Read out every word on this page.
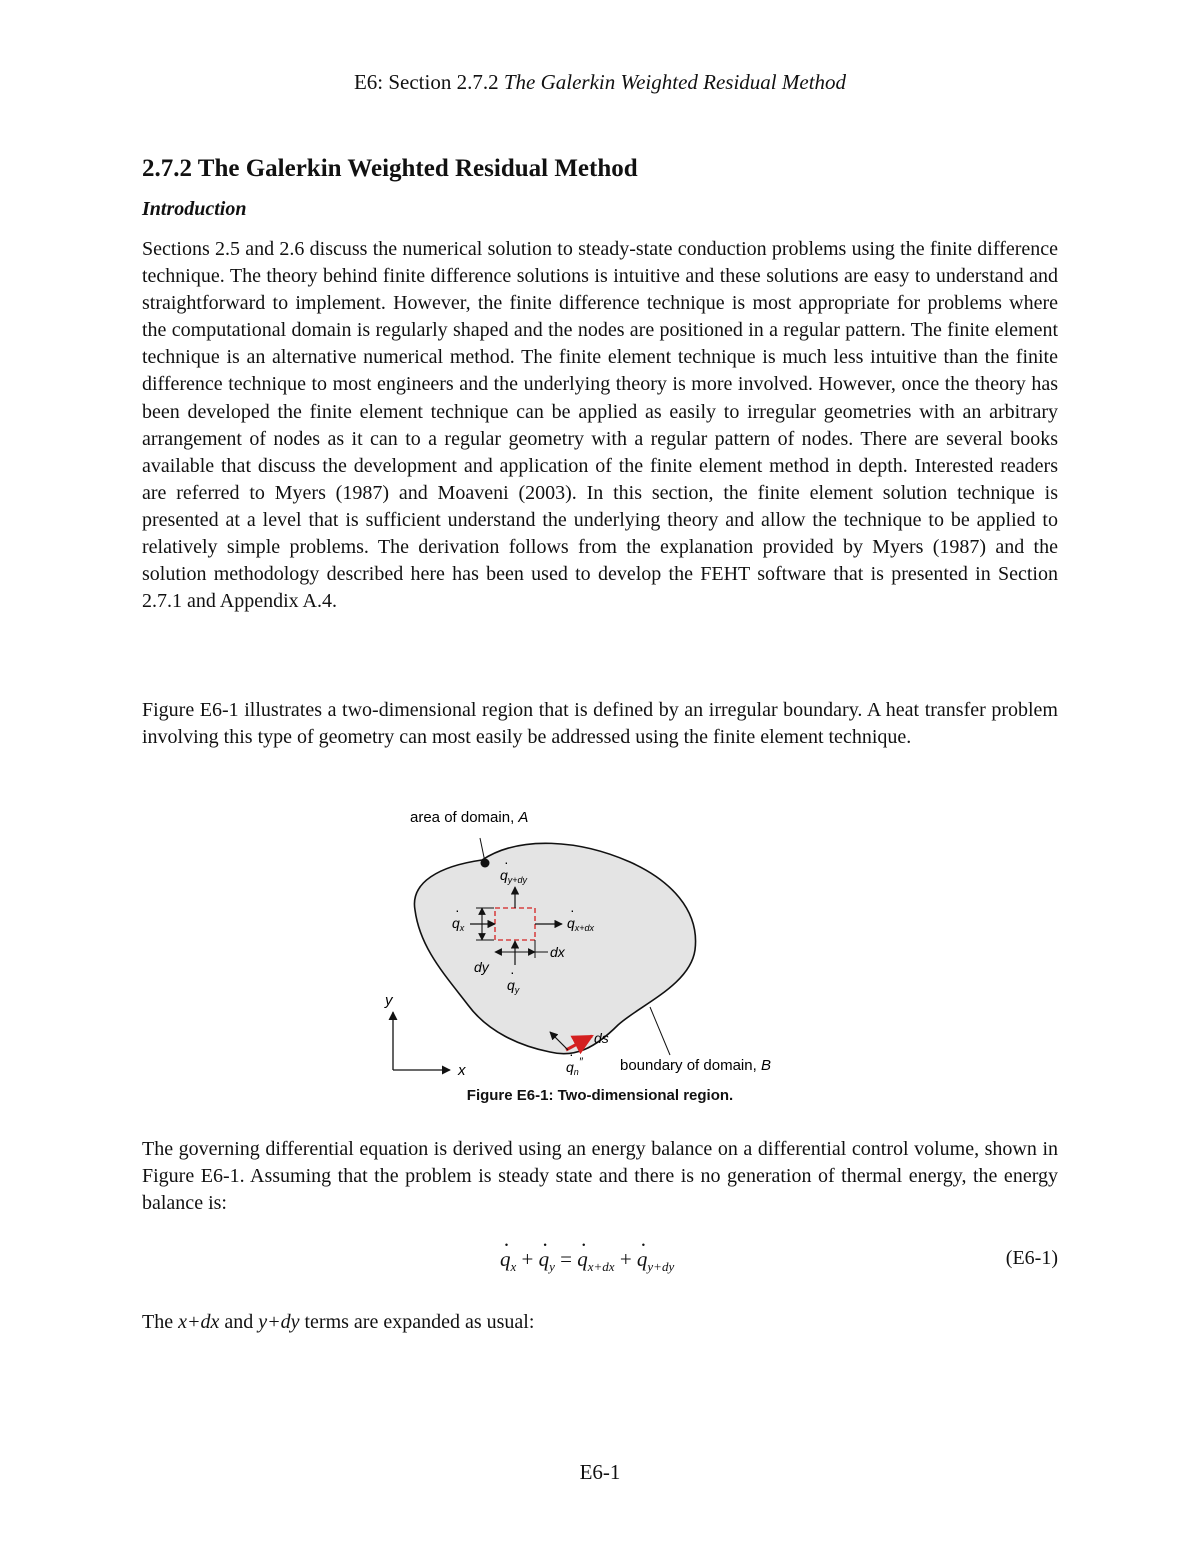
E6: Section 2.7.2 The Galerkin Weighted Residual Method
2.7.2 The Galerkin Weighted Residual Method
Introduction

Sections 2.5 and 2.6 discuss the numerical solution to steady-state conduction problems using the finite difference technique. The theory behind finite difference solutions is intuitive and these solutions are easy to understand and straightforward to implement. However, the finite difference technique is most appropriate for problems where the computational domain is regularly shaped and the nodes are positioned in a regular pattern. The finite element technique is an alternative numerical method. The finite element technique is much less intuitive than the finite difference technique to most engineers and the underlying theory is more involved. However, once the theory has been developed the finite element technique can be applied as easily to irregular geometries with an arbitrary arrangement of nodes as it can to a regular geometry with a regular pattern of nodes. There are several books available that discuss the development and application of the finite element method in depth. Interested readers are referred to Myers (1987) and Moaveni (2003). In this section, the finite element solution technique is presented at a level that is sufficient understand the underlying theory and allow the technique to be applied to relatively simple problems. The derivation follows from the explanation provided by Myers (1987) and the solution methodology described here has been used to develop the FEHT software that is presented in Section 2.7.1 and Appendix A.4.

Figure E6-1 illustrates a two-dimensional region that is defined by an irregular boundary. A heat transfer problem involving this type of geometry can most easily be addressed using the finite element technique.

area of domain, A
$q_{y+dy}$
·
$q_x$
·
$q_{x+dx}$
·
$q_y$
·
dy
dx
ds
$q_n''$
·
boundary of domain, B
y
x
Figure E6-1: Two-dimensional region.

The governing differential equation is derived using an energy balance on a differential control volume, shown in Figure E6-1. Assuming that the problem is steady state and there is no generation of thermal energy, the energy balance is:

· $q_x$ + · $q_y$ = · $q_{x+dx}$ + · $q_{y+dy}$	(E6-1)

The x+dx and y+dy terms are expanded as usual:

E6-1
